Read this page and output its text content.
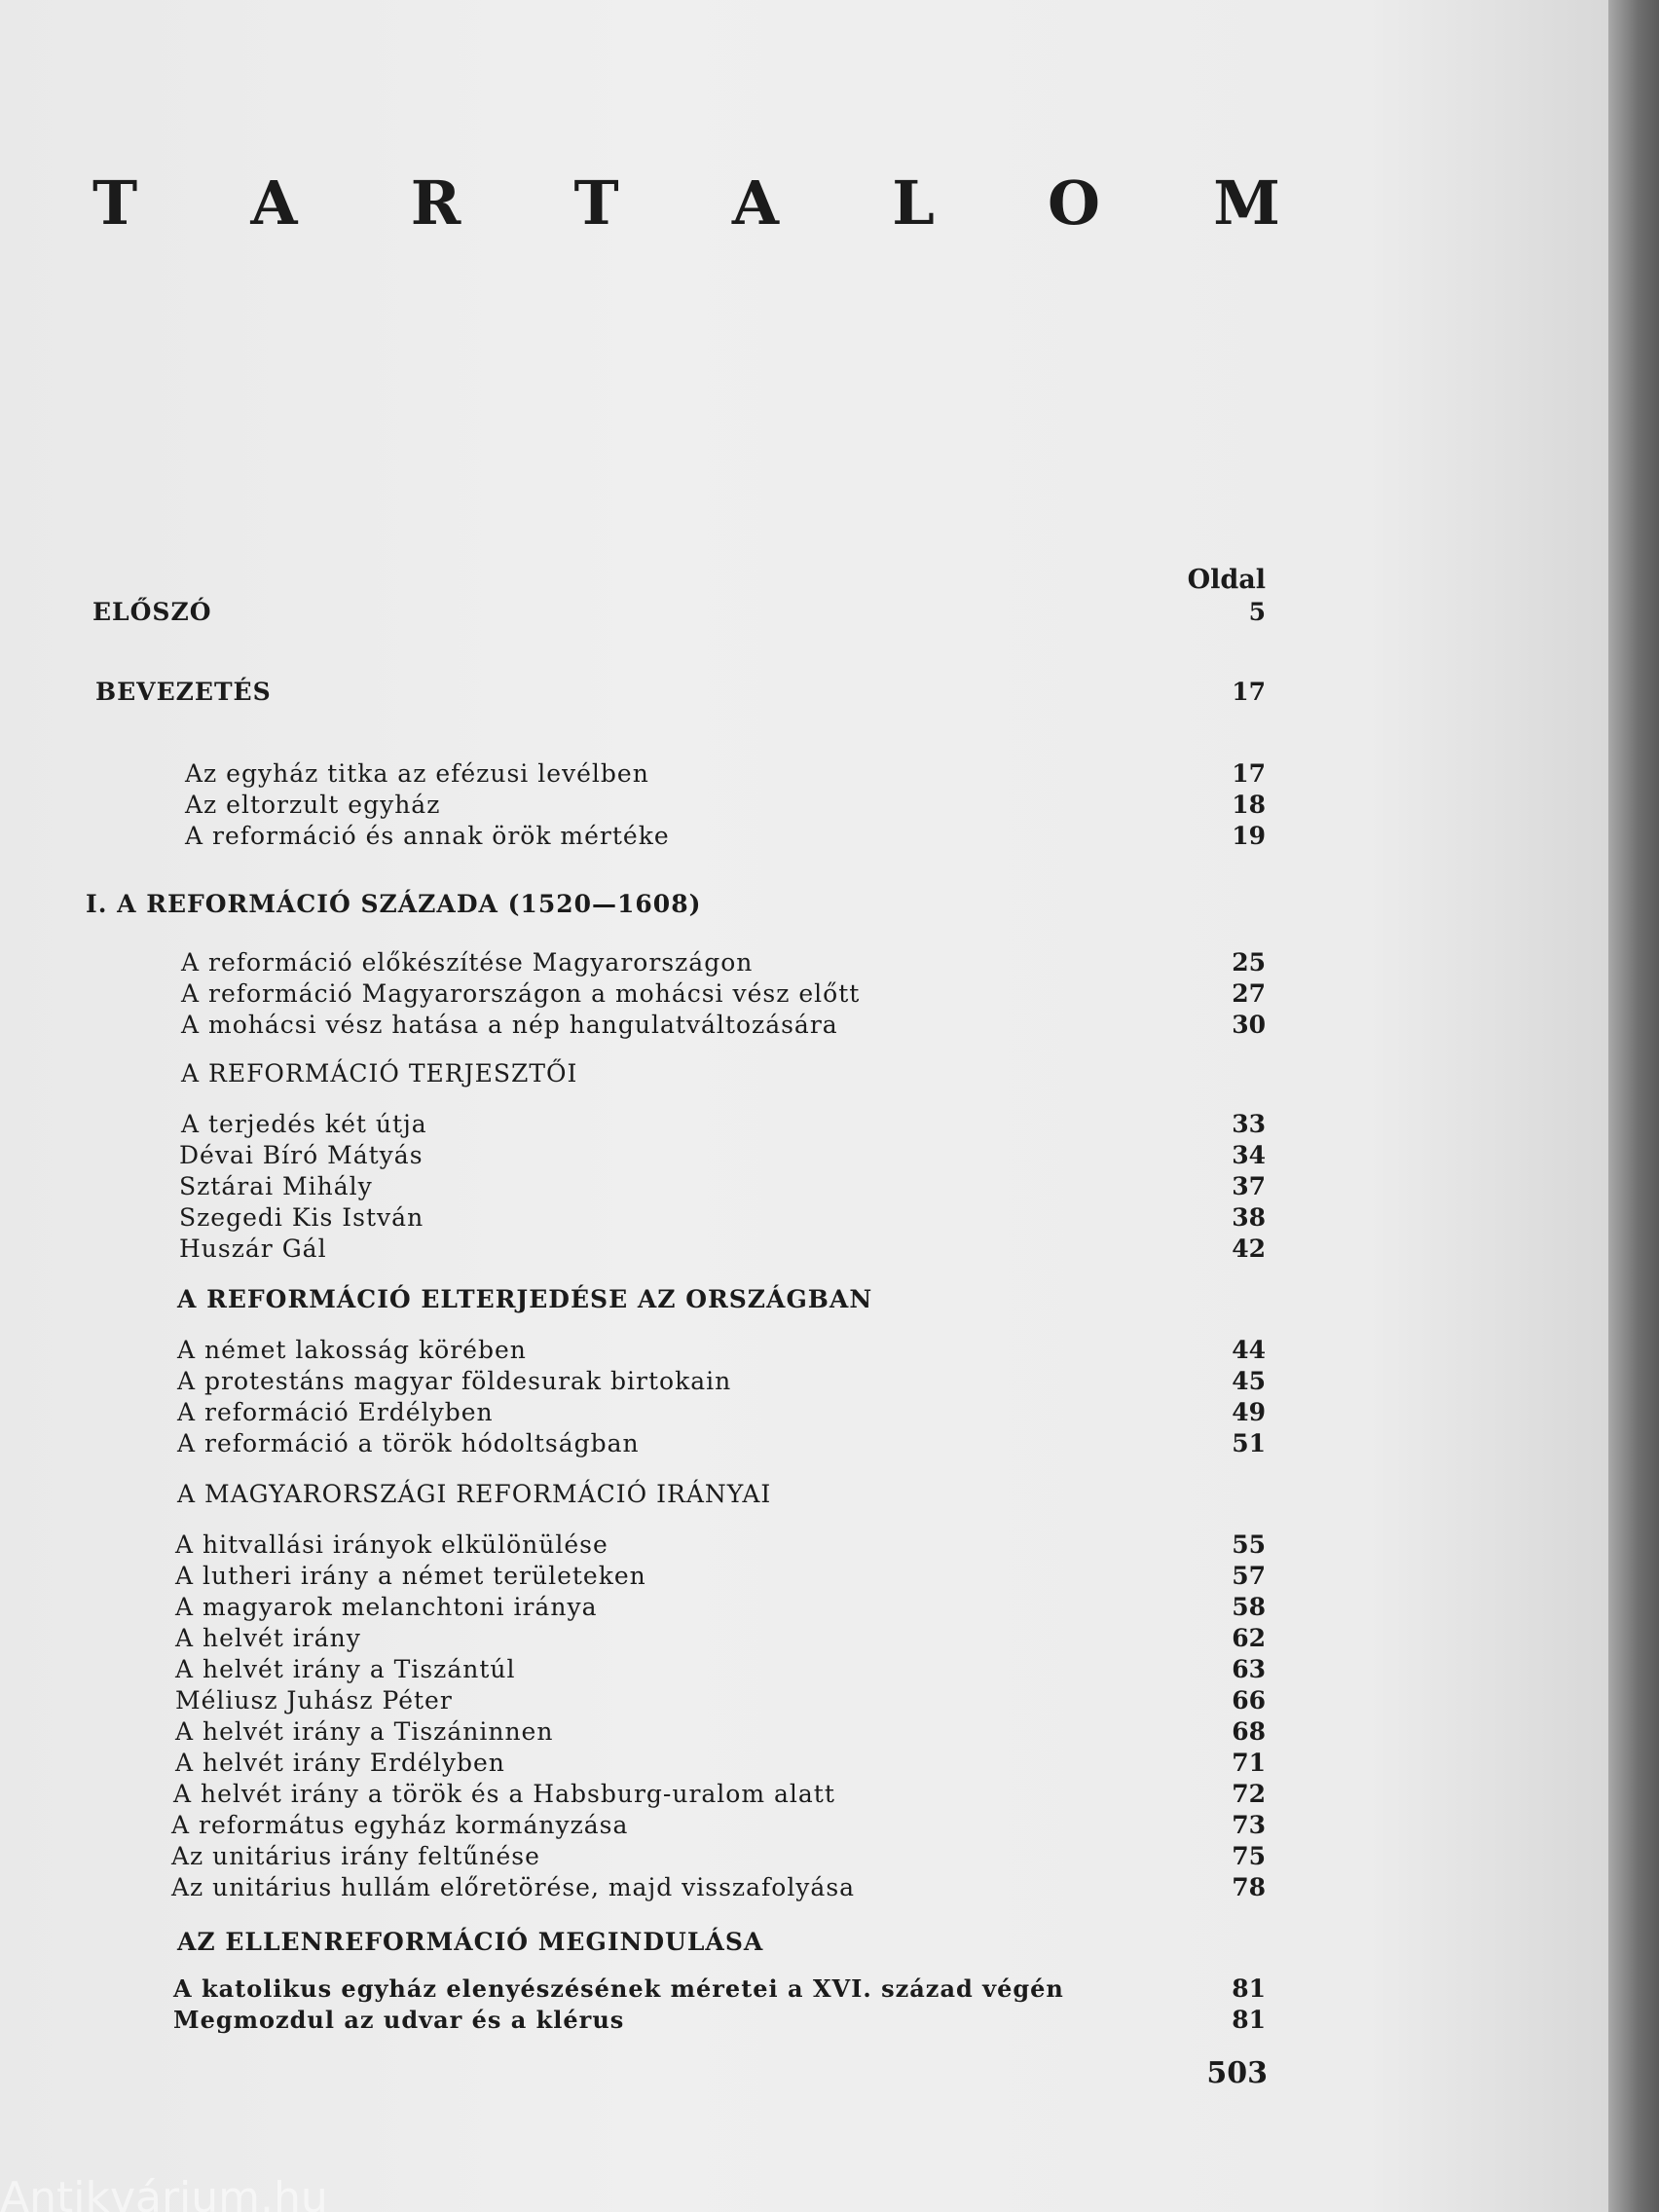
T A R T A L O M
Oldal
ELŐSZÓ	5
BEVEZETÉS	17
Az egyház titka az efézusi levélben	17
Az eltorzult egyház	18
A reformáció és annak örök mértéke	19
I. A REFORMÁCIÓ SZÁZADA (1520—1608)
A reformáció előkészítése Magyarországon	25
A reformáció Magyarországon a mohácsi vész előtt	27
A mohácsi vész hatása a nép hangulatváltozására	30
A REFORMÁCIÓ TERJESZTŐI
A terjedés két útja	33
Dévai Bíró Mátyás	34
Sztárai Mihály	37
Szegedi Kis István	38
Huszár Gál	42
A REFORMÁCIÓ ELTERJEDÉSE AZ ORSZÁGBAN
A német lakosság körében	44
A protestáns magyar földesurak birtokain	45
A reformáció Erdélyben	49
A reformáció a török hódoltságban	51
A MAGYARORSZÁGI REFORMÁCIÓ IRÁNYAI
A hitvallási irányok elkülönülése	55
A lutheri irány a német területeken	57
A magyarok melanchtoni iránya	58
A helvét irány	62
A helvét irány a Tiszántúl	63
Méliusz Juhász Péter	66
A helvét irány a Tiszáninnen	68
A helvét irány Erdélyben	71
A helvét irány a török és a Habsburg-uralom alatt	72
A református egyház kormányzása	73
Az unitárius irány feltűnése	75
Az unitárius hullám előretörése, majd visszafolyása	78
AZ ELLENREFORMÁCIÓ MEGINDULÁSA
A katolikus egyház elenyészésének méretei a XVI. század végén	81
Megmozdul az udvar és a klérus	81
503
Antikvárium.hu
